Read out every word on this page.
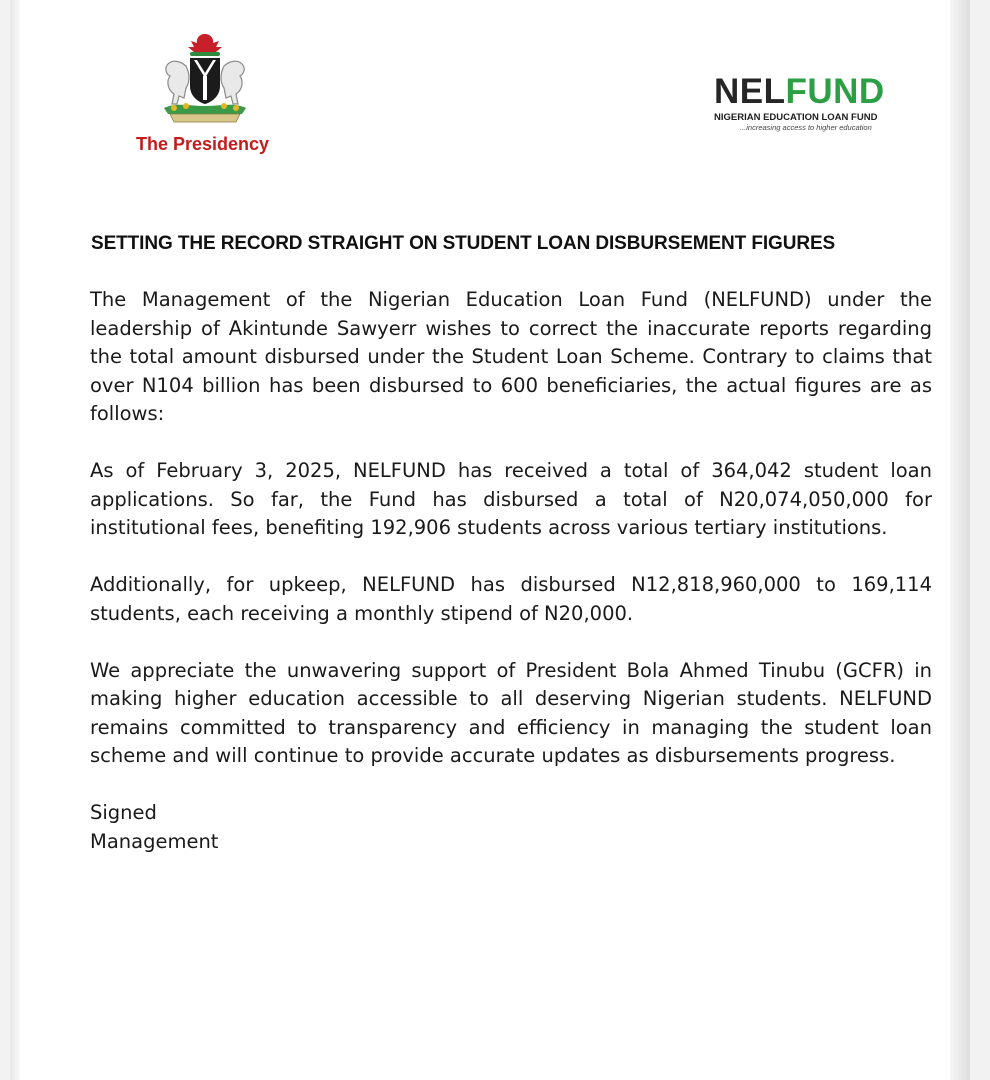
The Presidency
NELFUND
NIGERIAN EDUCATION LOAN FUND
...increasing access to higher education
SETTING THE RECORD STRAIGHT ON STUDENT LOAN DISBURSEMENT FIGURES

The Management of the Nigerian Education Loan Fund (NELFUND) under the leadership of Akintunde Sawyerr wishes to correct the inaccurate reports regarding the total amount disbursed under the Student Loan Scheme. Contrary to claims that over N104 billion has been disbursed to 600 beneficiaries, the actual figures are as follows:

As of February 3, 2025, NELFUND has received a total of 364,042 student loan applications. So far, the Fund has disbursed a total of N20,074,050,000 for institutional fees, benefiting 192,906 students across various tertiary institutions.

Additionally, for upkeep, NELFUND has disbursed N12,818,960,000 to 169,114 students, each receiving a monthly stipend of N20,000.

We appreciate the unwavering support of President Bola Ahmed Tinubu (GCFR) in making higher education accessible to all deserving Nigerian students. NELFUND remains committed to transparency and efficiency in managing the student loan scheme and will continue to provide accurate updates as disbursements progress.

Signed
Management
